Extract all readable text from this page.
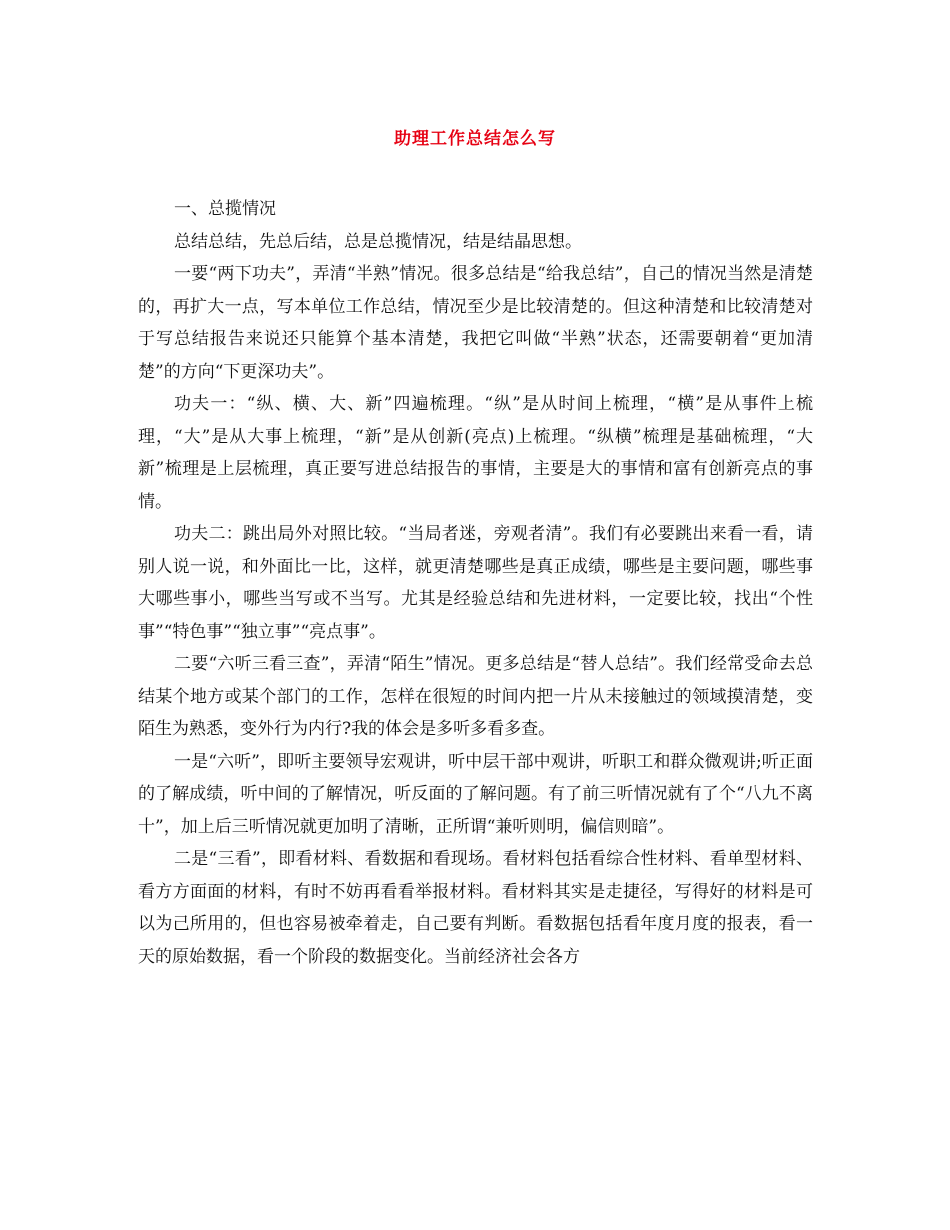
助理工作总结怎么写

一、总揽情况

总结总结，先总后结，总是总揽情况，结是结晶思想。

一要“两下功夫”，弄清“半熟”情况。很多总结是“给我总结”，自己的情况当然是清楚的，再扩大一点，写本单位工作总结，情况至少是比较清楚的。但这种清楚和比较清楚对于写总结报告来说还只能算个基本清楚，我把它叫做“半熟”状态，还需要朝着“更加清楚”的方向“下更深功夫”。

功夫一：“纵、横、大、新”四遍梳理。“纵”是从时间上梳理，“横”是从事件上梳理，“大”是从大事上梳理，“新”是从创新(亮点)上梳理。“纵横”梳理是基础梳理，“大新”梳理是上层梳理，真正要写进总结报告的事情，主要是大的事情和富有创新亮点的事情。

功夫二：跳出局外对照比较。“当局者迷，旁观者清”。我们有必要跳出来看一看，请别人说一说，和外面比一比，这样，就更清楚哪些是真正成绩，哪些是主要问题，哪些事大哪些事小，哪些当写或不当写。尤其是经验总结和先进材料，一定要比较，找出“个性事”“特色事”“独立事”“亮点事”。

二要“六听三看三查”，弄清“陌生”情况。更多总结是“替人总结”。我们经常受命去总结某个地方或某个部门的工作，怎样在很短的时间内把一片从未接触过的领域摸清楚，变陌生为熟悉，变外行为内行?我的体会是多听多看多查。

一是“六听”，即听主要领导宏观讲，听中层干部中观讲，听职工和群众微观讲;听正面的了解成绩，听中间的了解情况，听反面的了解问题。有了前三听情况就有了个“八九不离十”，加上后三听情况就更加明了清晰，正所谓“兼听则明，偏信则暗”。

二是“三看”，即看材料、看数据和看现场。看材料包括看综合性材料、看单型材料、看方方面面的材料，有时不妨再看看举报材料。看材料其实是走捷径，写得好的材料是可以为己所用的，但也容易被牵着走，自己要有判断。看数据包括看年度月度的报表，看一天的原始数据，看一个阶段的数据变化。当前经济社会各方
